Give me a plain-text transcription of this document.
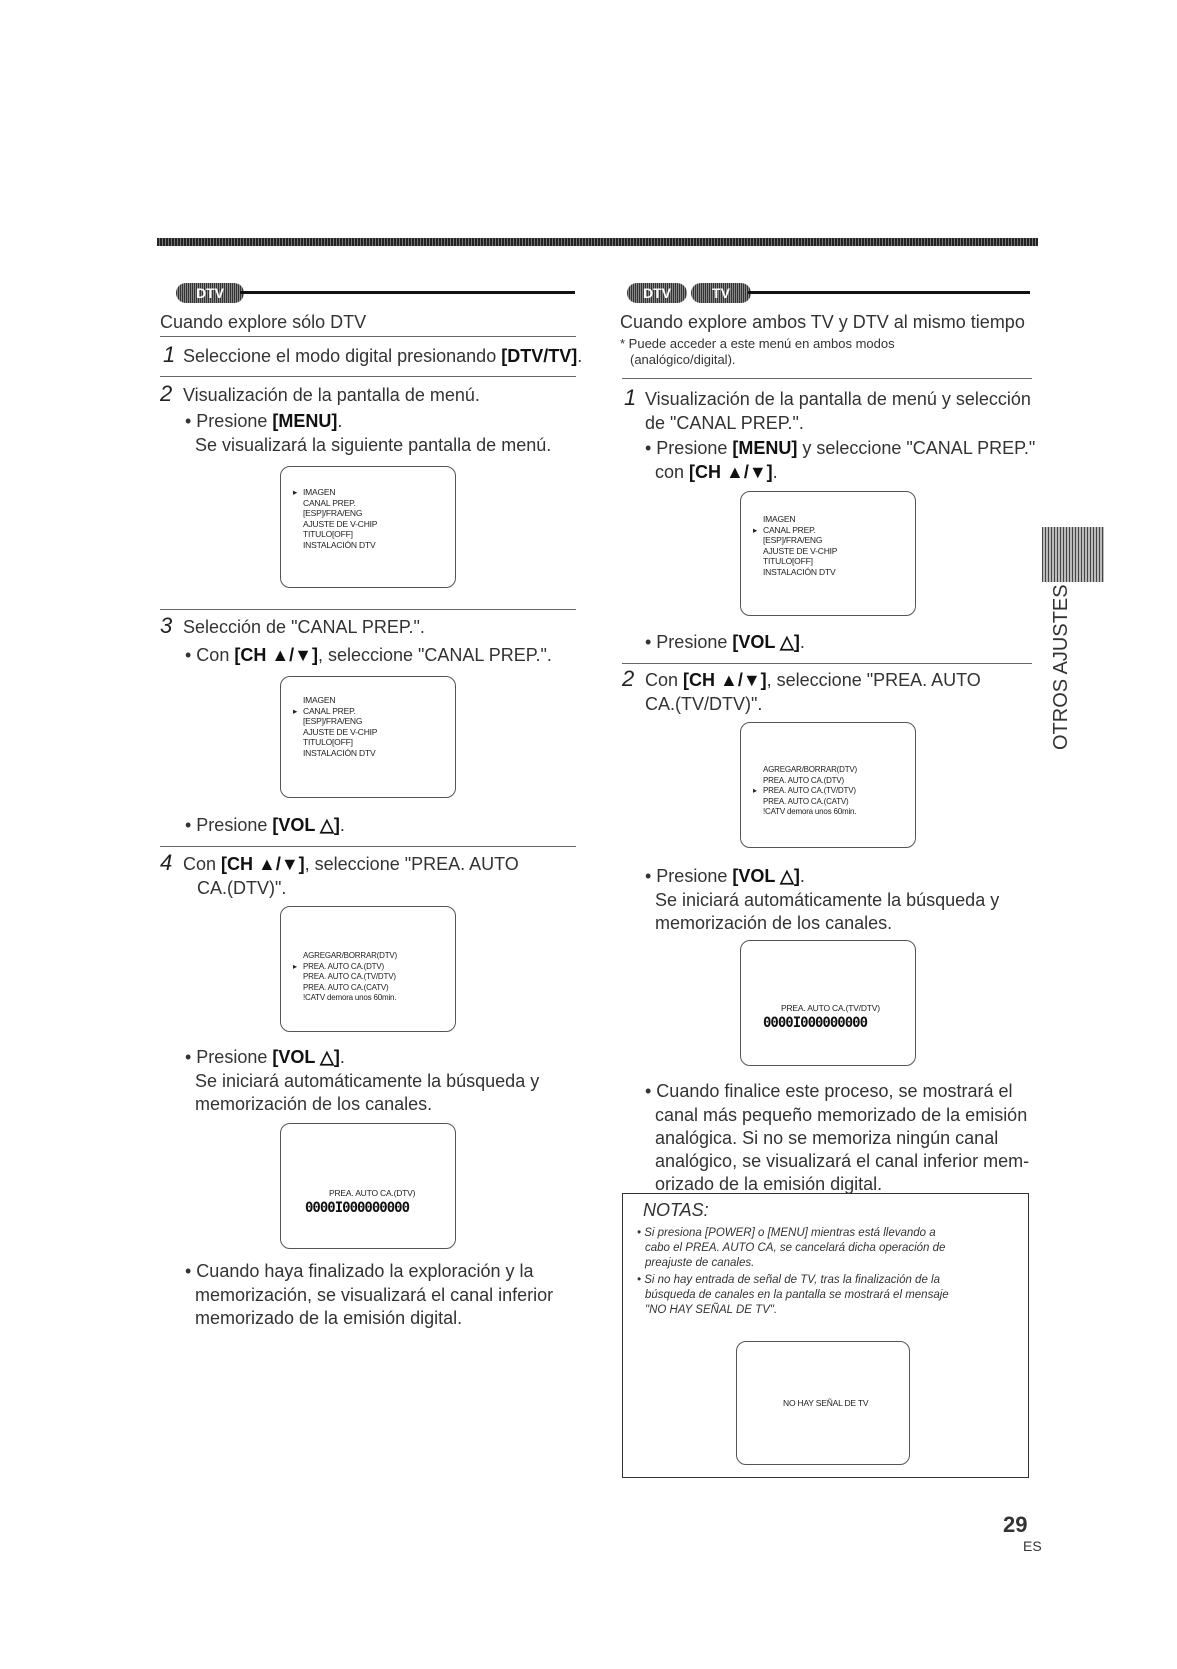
DTV
Cuando explore sólo DTV
1 Seleccione el modo digital presionando [DTV/TV].
2 Visualización de la pantalla de menú.
• Presione [MENU].
Se visualizará la siguiente pantalla de menú.
▸ IMAGEN
CANAL PREP.
[ESP]/FRA/ENG
AJUSTE DE V-CHIP
TITULO[OFF]
INSTALACIÓN DTV
3 Selección de "CANAL PREP.".
• Con [CH ▲/▼], seleccione "CANAL PREP.".
IMAGEN
▸ CANAL PREP.
[ESP]/FRA/ENG
AJUSTE DE V-CHIP
TITULO[OFF]
INSTALACIÓN DTV
• Presione [VOL △].
4 Con [CH ▲/▼], seleccione "PREA. AUTO
CA.(DTV)".
AGREGAR/BORRAR(DTV)
▸ PREA. AUTO CA.(DTV)
PREA. AUTO CA.(TV/DTV)
PREA. AUTO CA.(CATV)
!CATV demora unos 60min.
• Presione [VOL △].
Se iniciará automáticamente la búsqueda y
memorización de los canales.
PREA. AUTO CA.(DTV)
0000I000000000
• Cuando haya finalizado la exploración y la
memorización, se visualizará el canal inferior
memorizado de la emisión digital.
DTV	TV
Cuando explore ambos TV y DTV al mismo tiempo
* Puede acceder a este menú en ambos modos
(analógico/digital).
1 Visualización de la pantalla de menú y selección
de "CANAL PREP.".
• Presione [MENU] y seleccione "CANAL PREP."
con [CH ▲/▼].
IMAGEN
▸ CANAL PREP.
[ESP]/FRA/ENG
AJUSTE DE V-CHIP
TITULO[OFF]
INSTALACIÓN DTV
• Presione [VOL △].
2 Con [CH ▲/▼], seleccione "PREA. AUTO
CA.(TV/DTV)".
AGREGAR/BORRAR(DTV)
PREA. AUTO CA.(DTV)
▸ PREA. AUTO CA.(TV/DTV)
PREA. AUTO CA.(CATV)
!CATV demora unos 60min.
• Presione [VOL △].
Se iniciará automáticamente la búsqueda y
memorización de los canales.
PREA. AUTO CA.(TV/DTV)
0000I000000000
• Cuando finalice este proceso, se mostrará el
canal más pequeño memorizado de la emisión
analógica. Si no se memoriza ningún canal
analógico, se visualizará el canal inferior mem-
orizado de la emisión digital.
NOTAS:
• Si presiona [POWER] o [MENU] mientras está llevando a
cabo el PREA. AUTO CA, se cancelará dicha operación de
preajuste de canales.
• Si no hay entrada de señal de TV, tras la finalización de la
búsqueda de canales en la pantalla se mostrará el mensaje
"NO HAY SEÑAL DE TV".
NO HAY SEÑAL DE TV
OTROS AJUSTES
29
ES
